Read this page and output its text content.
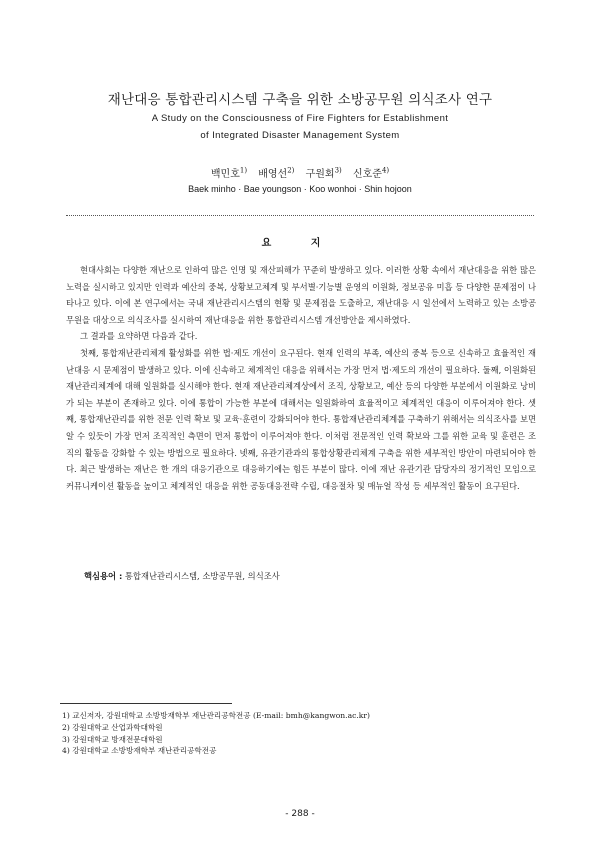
재난대응 통합관리시스템 구축을 위한 소방공무원 의식조사 연구
A Study on the Consciousness of Fire Fighters for Establishment
of Integrated Disaster Management System
백민호$^{1)}$ 배영선$^{2)}$ 구원회$^{3)}$ 신호준$^{4)}$
Baek minho · Bae youngson · Koo wonhoi · Shin hojoon
요 지

현대사회는 다양한 재난으로 인하여 많은 인명 및 재산피해가 꾸준히 발생하고 있다. 이러한 상황 속에서 재난대응을 위한 많은 노력을 실시하고 있지만 인력과 예산의 중복, 상황보고체계 및 부서별·기능별 운영의 이원화, 정보공유 미흡 등 다양한 문제점이 나타나고 있다. 이에 본 연구에서는 국내 재난관리시스템의 현황 및 문제점을 도출하고, 재난대응 시 일선에서 노력하고 있는 소방공무원을 대상으로 의식조사를 실시하여 재난대응을 위한 통합관리시스템 개선방안을 제시하였다.

그 결과를 요약하면 다음과 같다.

첫째, 통합재난관리체계 활성화를 위한 법·제도 개선이 요구된다. 현재 인력의 부족, 예산의 중복 등으로 신속하고 효율적인 재난대응 시 문제점이 발생하고 있다. 이에 신속하고 체계적인 대응을 위해서는 가장 먼저 법·제도의 개선이 필요하다. 둘째, 이원화된 재난관리체계에 대해 일원화를 실시해야 한다. 현재 재난관리체계상에서 조직, 상황보고, 예산 등의 다양한 부분에서 이원화로 낭비가 되는 부분이 존재하고 있다. 이에 통합이 가능한 부분에 대해서는 일원화하여 효율적이고 체계적인 대응이 이루어져야 한다. 셋째, 통합재난관리를 위한 전문 인력 확보 및 교육·훈련이 강화되어야 한다. 통합재난관리체계를 구축하기 위해서는 의식조사를 보면 알 수 있듯이 가장 먼저 조직적인 측면이 먼저 통합이 이루어져야 한다. 이처럼 전문적인 인력 확보와 그를 위한 교육 및 훈련은 조직의 활동을 강화할 수 있는 방법으로 필요하다. 넷째, 유관기관과의 통합상황관리체계 구축을 위한 세부적인 방안이 마련되어야 한다. 최근 발생하는 재난은 한 개의 대응기관으로 대응하기에는 힘든 부분이 많다. 이에 재난 유관기관 담당자의 정기적인 모임으로 커뮤니케이션 활동을 높이고 체계적인 대응을 위한 공동대응전략 수립, 대응절차 및 매뉴얼 작성 등 세부적인 활동이 요구된다.

핵심용어 : 통합재난관리시스템, 소방공무원, 의식조사
1) 교신저자, 강원대학교 소방방재학부 재난관리공학전공 (E-mail: bmh@kangwon.ac.kr)
2) 강원대학교 산업과학대학원
3) 강원대학교 방재전문대학원
4) 강원대학교 소방방재학부 재난관리공학전공
- 288 -
